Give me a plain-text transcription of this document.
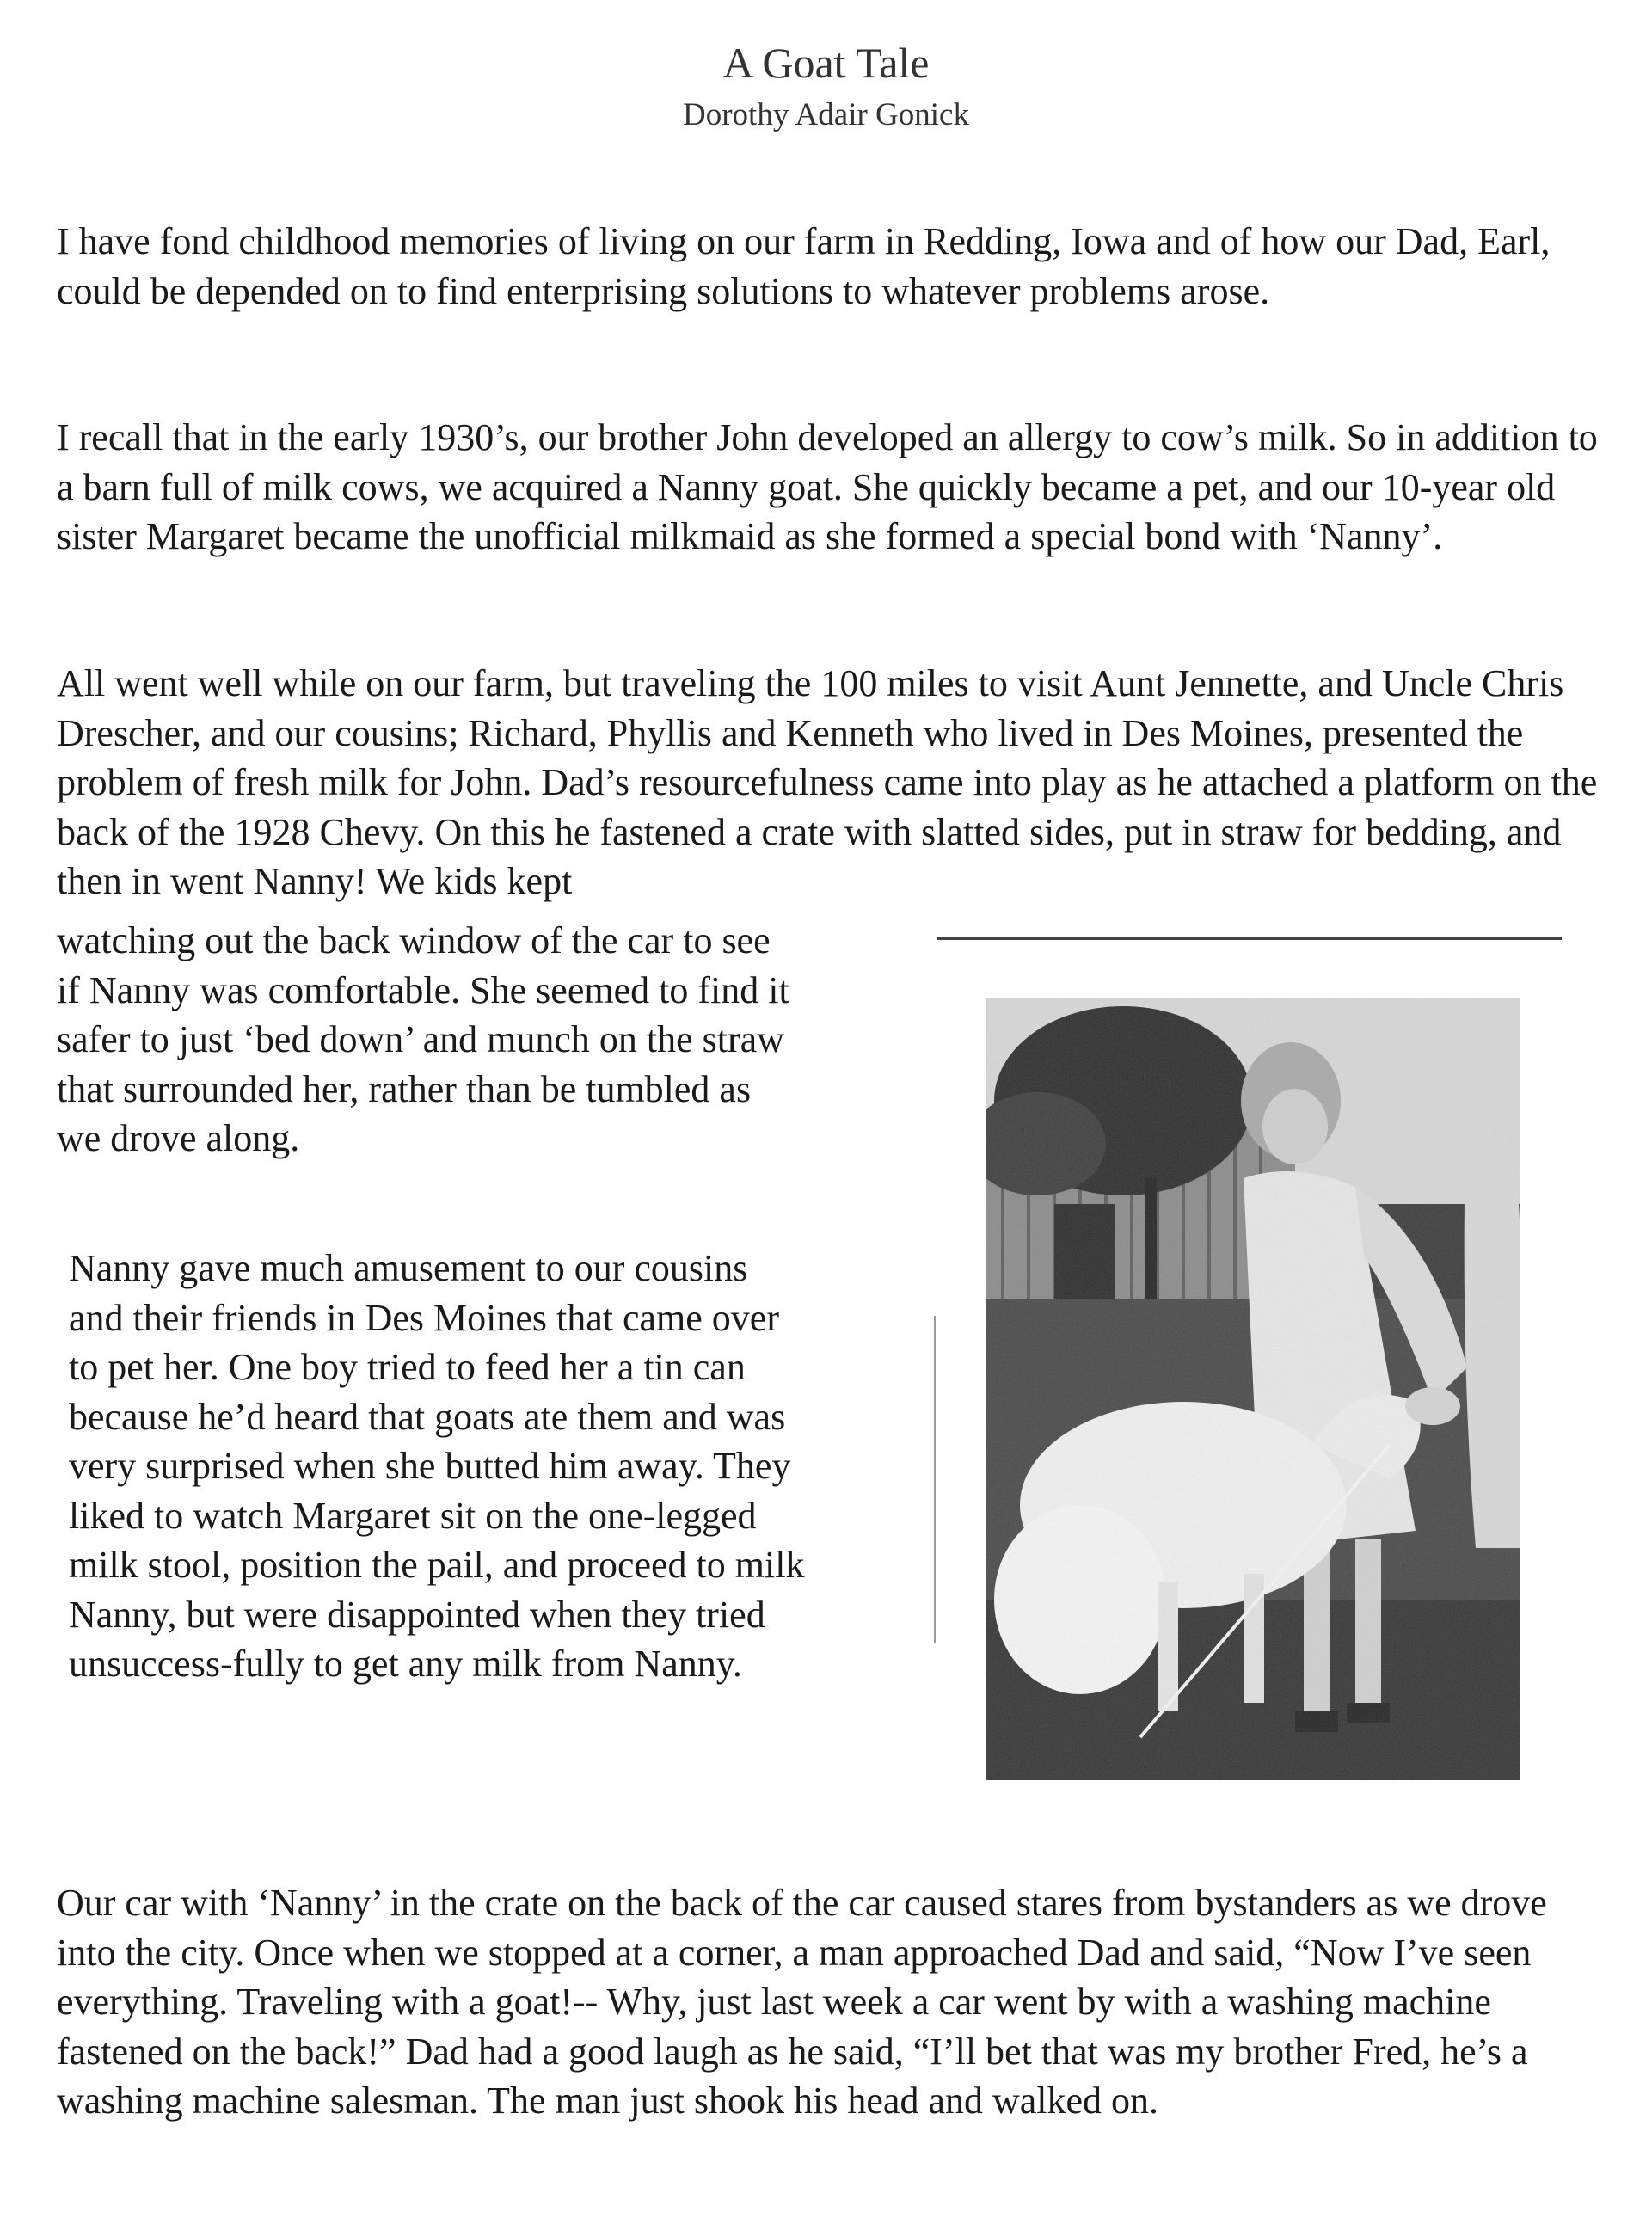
A Goat Tale
Dorothy Adair Gonick

I have fond childhood memories of living on our farm in Redding, Iowa and of how our Dad, Earl, could be depended on to find enterprising solutions to whatever problems arose.

I recall that in the early 1930’s, our brother John developed an allergy to cow’s milk. So in addition to a barn full of milk cows, we acquired a Nanny goat. She quickly became a pet, and our 10-year old sister Margaret became the unofficial milkmaid as she formed a special bond with ‘Nanny’.

All went well while on our farm, but traveling the 100 miles to visit Aunt Jennette, and Uncle Chris Drescher, and our cousins; Richard, Phyllis and Kenneth who lived in Des Moines, presented the problem of fresh milk for John. Dad’s resourcefulness came into play as he attached a platform on the back of the 1928 Chevy. On this he fastened a crate with slatted sides, put in straw for bedding, and then in went Nanny! We kids kept

watching out the back window of the car to see if Nanny was comfortable. She seemed to find it safer to just ‘bed down’ and munch on the straw that surrounded her, rather than be tumbled as we drove along.

Nanny gave much amusement to our cousins and their friends in Des Moines that came over to pet her. One boy tried to feed her a tin can because he’d heard that goats ate them and was very surprised when she butted him away. They liked to watch Margaret sit on the one-legged milk stool, position the pail, and proceed to milk Nanny, but were disappointed when they tried unsuccess-fully to get any milk from Nanny.

Our car with ‘Nanny’ in the crate on the back of the car caused stares from bystanders as we drove into the city. Once when we stopped at a corner, a man approached Dad and said, “Now I’ve seen everything. Traveling with a goat!-- Why, just last week a car went by with a washing machine fastened on the back!” Dad had a good laugh as he said, “I’ll bet that was my brother Fred, he’s a washing machine salesman. The man just shook his head and walked on.
